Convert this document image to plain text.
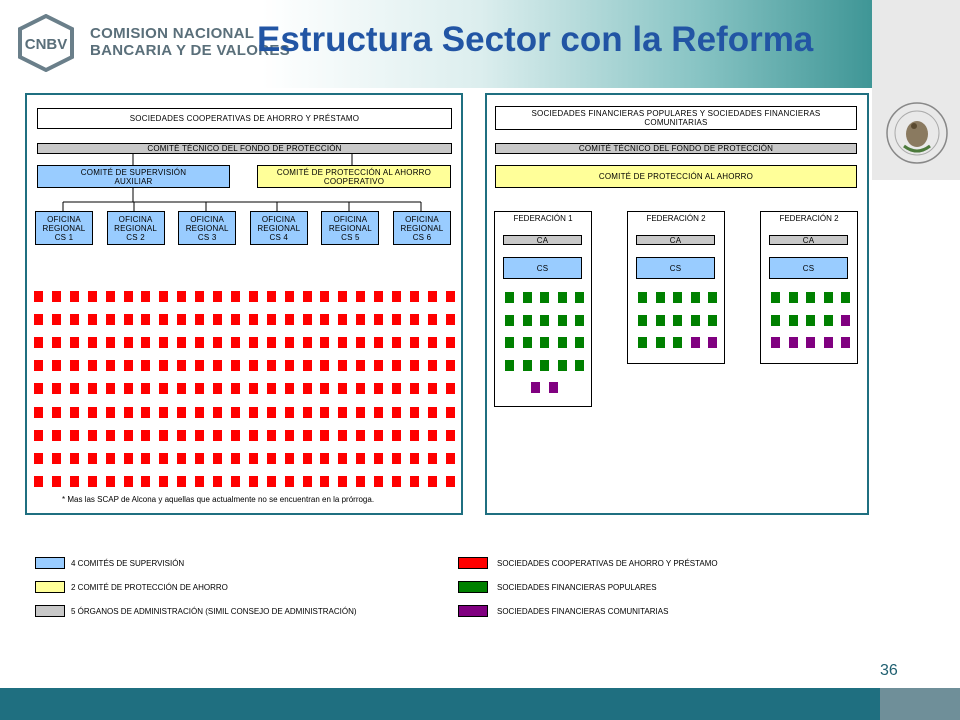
CNBV
COMISION NACIONAL
BANCARIA Y DE VALORES
Estructura Sector con la Reforma
SOCIEDADES COOPERATIVAS DE AHORRO Y PRÉSTAMO
COMITÉ TÉCNICO DEL FONDO DE PROTECCIÓN
COMITÉ DE SUPERVISIÓN AUXILIAR
COMITÉ DE PROTECCIÓN AL AHORRO COOPERATIVO
OFICINA
REGIONAL
CS 1
OFICINA
REGIONAL
CS 2
OFICINA
REGIONAL
CS 3
OFICINA
REGIONAL
CS 4
OFICINA
REGIONAL
CS 5
OFICINA
REGIONAL
CS 6
* Mas las SCAP de Alcona y aquellas que actualmente no se encuentran en la prórroga.
SOCIEDADES FINANCIERAS POPULARES Y SOCIEDADES FINANCIERAS COMUNITARIAS
COMITÉ TÉCNICO DEL FONDO DE PROTECCIÓN
COMITÉ DE PROTECCIÓN AL AHORRO
FEDERACIÓN 1
CA
CS
FEDERACIÓN 2
CA
CS
FEDERACIÓN 2
CA
CS
4 COMITÉS DE SUPERVISIÓN
2 COMITÉ DE PROTECCIÓN DE AHORRO
5 ÓRGANOS DE ADMINISTRACIÓN (SIMIL CONSEJO DE ADMINISTRACIÓN)
SOCIEDADES COOPERATIVAS DE AHORRO Y PRÉSTAMO
SOCIEDADES FINANCIERAS POPULARES
SOCIEDADES FINANCIERAS COMUNITARIAS
36
